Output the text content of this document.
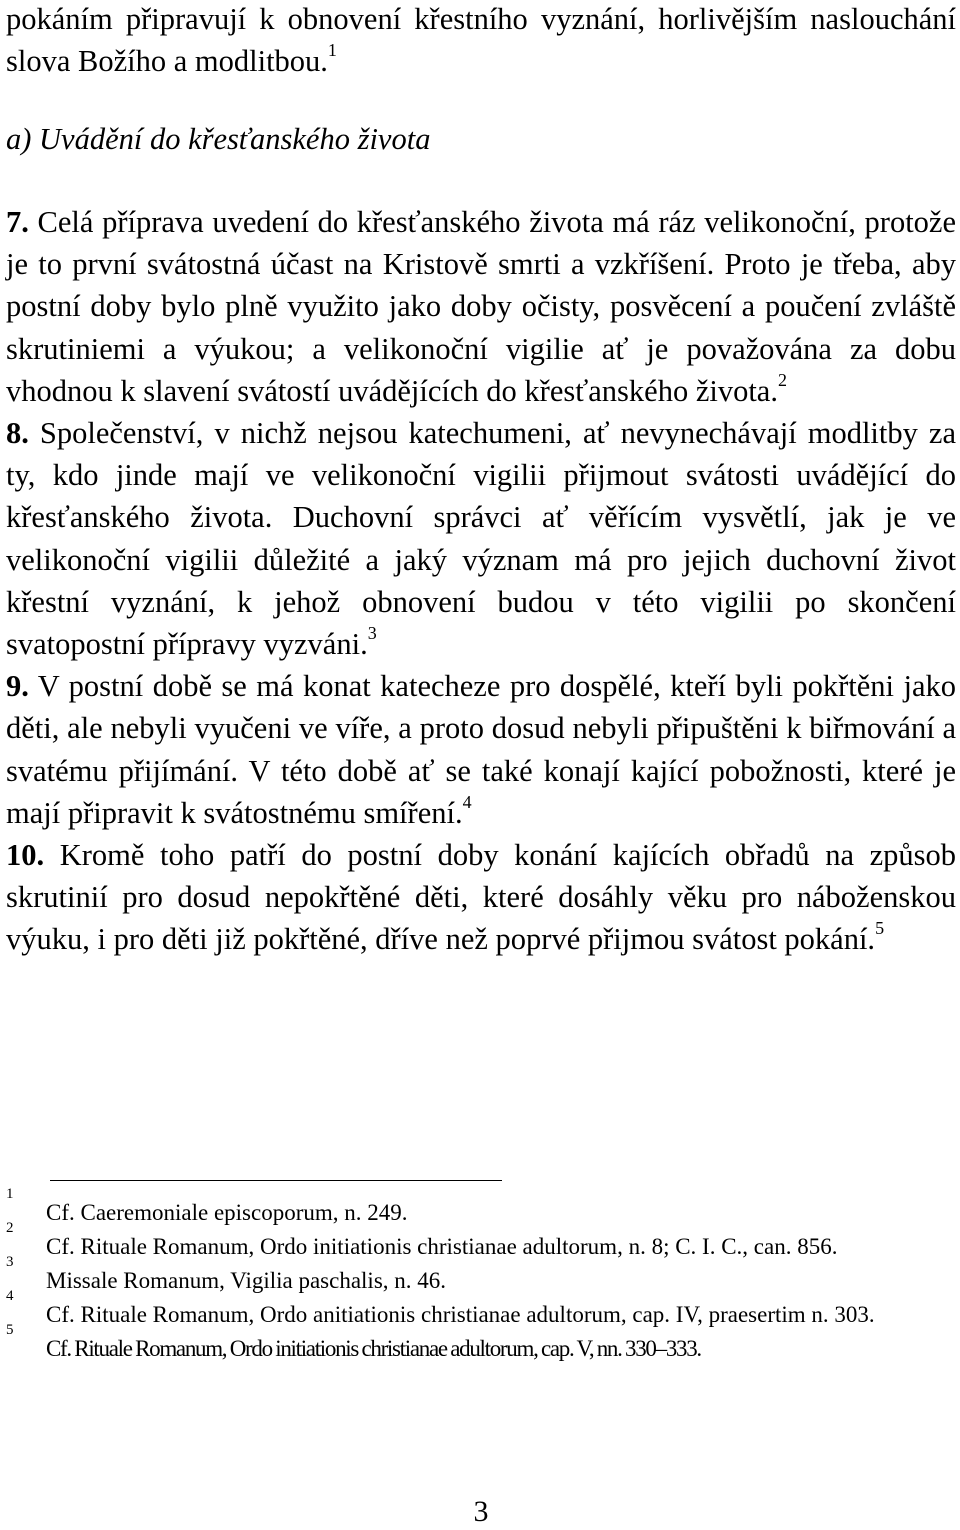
pokáním připravují k obnovení křestního vyznání, horlivějším naslouchání slova Božího a modlitbou.$^1$

a) Uvádění do křesťanského života

7. Celá příprava uvedení do křesťanského života má ráz velikonoční, protože je to první svátostná účast na Kristově smrti a vzkříšení. Proto je třeba, aby postní doby bylo plně využito jako doby očisty, posvěcení a poučení zvláště skrutiniemi a výukou; a velikonoční vigilie ať je považována za dobu vhodnou k slavení svátostí uvádějících do křesťanského života.$^2$

8. Společenství, v nichž nejsou katechumeni, ať nevynechávají modlitby za ty, kdo jinde mají ve velikonoční vigilii přijmout svátosti uvádějící do křesťanského života. Duchovní správci ať věřícím vysvětlí, jak je ve velikonoční vigilii důležité a jaký význam má pro jejich duchovní život křestní vyznání, k jehož obnovení budou v této vigilii po skončení svatopostní přípravy vyzváni.$^3$

9. V postní době se má konat katecheze pro dospělé, kteří byli pokřtěni jako děti, ale nebyli vyučeni ve víře, a proto dosud nebyli připuštěni k biřmování a svatému přijímání. V této době ať se také konají kající pobožnosti, které je mají připravit k svátostnému smíření.$^4$

10. Kromě toho patří do postní doby konání kajících obřadů na způsob skrutinií pro dosud nepokřtěné děti, které dosáhly věku pro náboženskou výuku, i pro děti již pokřtěné, dříve než poprvé přijmou svátost pokání.$^5$

1
Cf. Caeremoniale episcoporum, n. 249.
2
Cf. Rituale Romanum, Ordo initiationis christianae adultorum, n. 8; C. I. C., can. 856.
3
Missale Romanum, Vigilia paschalis, n. 46.
4
Cf. Rituale Romanum, Ordo anitiationis christianae adultorum, cap. IV, praesertim n. 303.
5
Cf. Rituale Romanum, Ordo initiationis christianae adultorum, cap. V, nn. 330–333.
3
